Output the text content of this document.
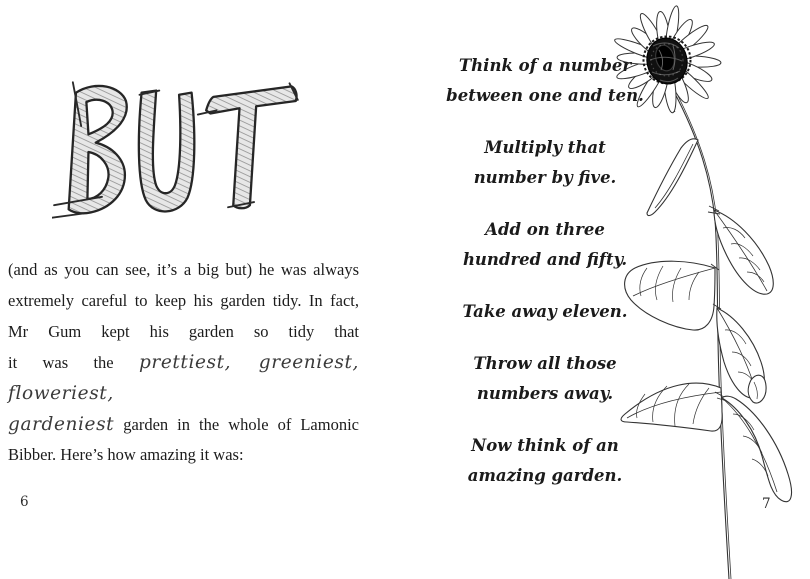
(and as you can see, it’s a big but) he was always
extremely careful to keep his garden tidy. In fact,
Mr Gum kept his garden so tidy that
it was the prettiest, greeniest, floweriest,
gardeniest garden in the whole of Lamonic
Bibber. Here’s how amazing it was:
6
Think of a number
between one and ten.
Multiply that
number by five.
Add on three
hundred and fifty.
Take away eleven.
Throw all those
numbers away.
Now think of an
amazing garden.
7
